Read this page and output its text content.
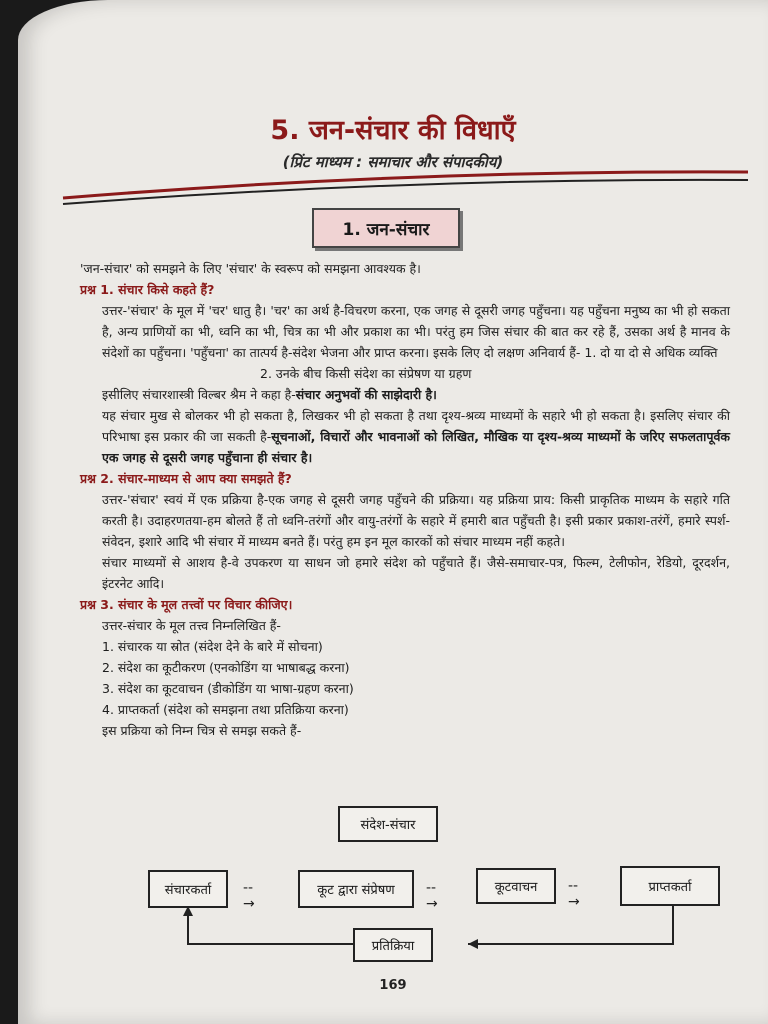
5. जन-संचार की विधाएँ
(प्रिंट माध्यम : समाचार और संपादकीय)
1. जन-संचार

'जन-संचार' को समझने के लिए 'संचार' के स्वरूप को समझना आवश्यक है।

प्रश्न 1. संचार किसे कहते हैं?

उत्तर-'संचार' के मूल में 'चर' धातु है। 'चर' का अर्थ है-विचरण करना, एक जगह से दूसरी जगह पहुँचना। यह पहुँचना मनुष्य का भी हो सकता है, अन्य प्राणियों का भी, ध्वनि का भी, चित्र का भी और प्रकाश का भी। परंतु हम जिस संचार की बात कर रहे हैं, उसका अर्थ है मानव के संदेशों का पहुँचना। 'पहुँचना' का तात्पर्य है-संदेश भेजना और प्राप्त करना। इसके लिए दो लक्षण अनिवार्य हैं- 1. दो या दो से अधिक व्यक्ति

2. उनके बीच किसी संदेश का संप्रेषण या ग्रहण

इसीलिए संचारशास्त्री विल्बर श्रैम ने कहा है-संचार अनुभवों की साझेदारी है।

यह संचार मुख से बोलकर भी हो सकता है, लिखकर भी हो सकता है तथा दृश्य-श्रव्य माध्यमों के सहारे भी हो सकता है। इसलिए संचार की परिभाषा इस प्रकार की जा सकती है-सूचनाओं, विचारों और भावनाओं को लिखित, मौखिक या दृश्य-श्रव्य माध्यमों के जरिए सफलतापूर्वक एक जगह से दूसरी जगह पहुँचाना ही संचार है।

प्रश्न 2. संचार-माध्यम से आप क्या समझते हैं?

उत्तर-'संचार' स्वयं में एक प्रक्रिया है-एक जगह से दूसरी जगह पहुँचने की प्रक्रिया। यह प्रक्रिया प्राय: किसी प्राकृतिक माध्यम के सहारे गति करती है। उदाहरणतया-हम बोलते हैं तो ध्वनि-तरंगों और वायु-तरंगों के सहारे में हमारी बात पहुँचती है। इसी प्रकार प्रकाश-तरंगें, हमारे स्पर्श-संवेदन, इशारे आदि भी संचार में माध्यम बनते हैं। परंतु हम इन मूल कारकों को संचार माध्यम नहीं कहते।

संचार माध्यमों से आशय है-वे उपकरण या साधन जो हमारे संदेश को पहुँचाते हैं। जैसे-समाचार-पत्र, फिल्म, टेलीफोन, रेडियो, दूरदर्शन, इंटरनेट आदि।

प्रश्न 3. संचार के मूल तत्त्वों पर विचार कीजिए।

उत्तर-संचार के मूल तत्त्व निम्नलिखित हैं-

1. संचारक या स्रोत (संदेश देने के बारे में सोचना)

2. संदेश का कूटीकरण (एनकोडिंग या भाषाबद्ध करना)

3. संदेश का कूटवाचन (डीकोडिंग या भाषा-ग्रहण करना)

4. प्राप्तकर्ता (संदेश को समझना तथा प्रतिक्रिया करना)

इस प्रक्रिया को निम्न चित्र से समझ सकते हैं-

संदेश-संचार
संचारकर्ता	--→
कूट द्वारा संप्रेषण	--→
कूटवाचन	--→
प्राप्तकर्ता
प्रतिक्रिया
169
